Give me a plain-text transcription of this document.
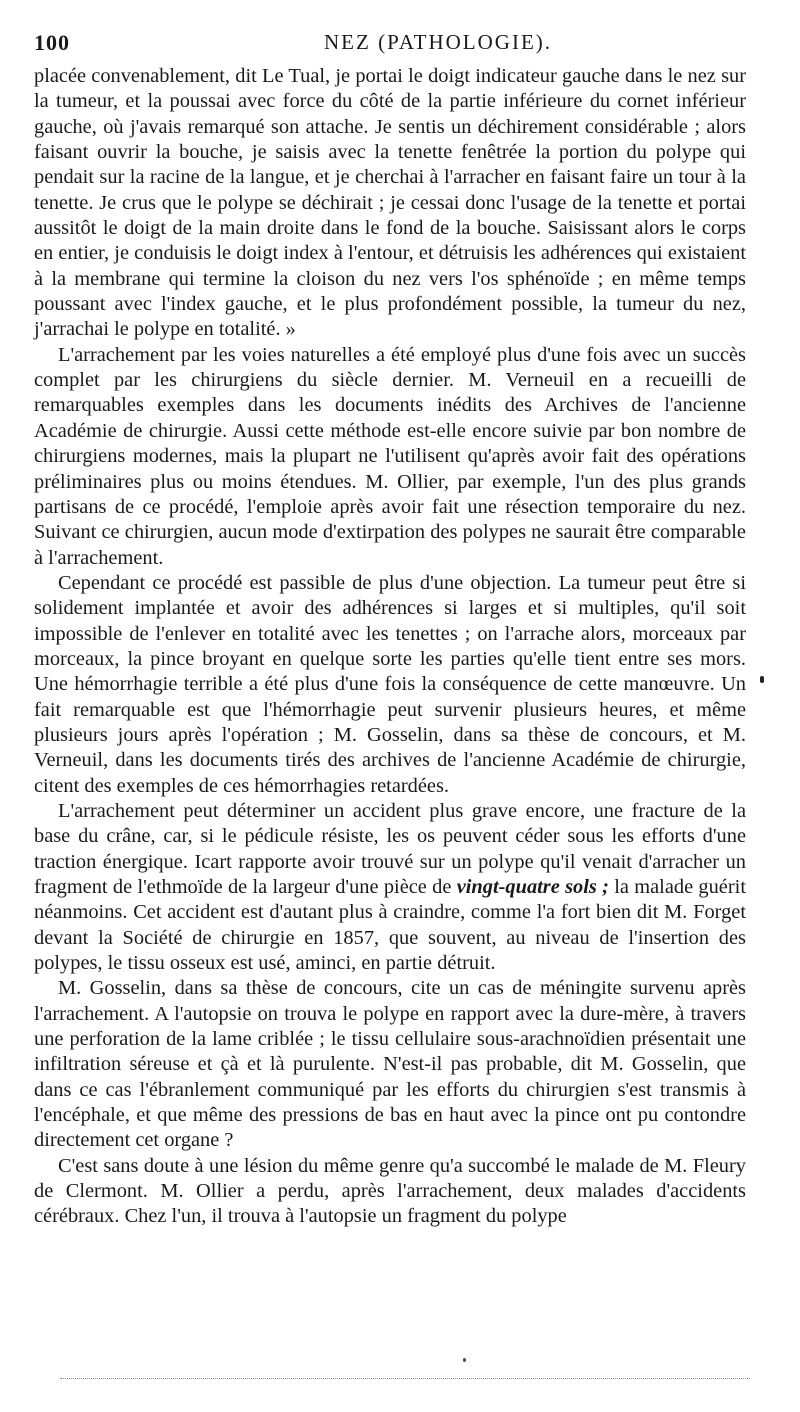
100	NEZ (PATHOLOGIE).

placée convenablement, dit Le Tual, je portai le doigt indicateur gauche dans le nez sur la tumeur, et la poussai avec force du côté de la partie inférieure du cornet inférieur gauche, où j'avais remarqué son attache. Je sentis un déchirement considérable ; alors faisant ouvrir la bouche, je saisis avec la tenette fenêtrée la portion du polype qui pendait sur la racine de la langue, et je cherchai à l'arracher en faisant faire un tour à la tenette. Je crus que le polype se déchirait ; je cessai donc l'usage de la tenette et portai aussitôt le doigt de la main droite dans le fond de la bouche. Saisissant alors le corps en entier, je conduisis le doigt index à l'entour, et détruisis les adhérences qui existaient à la membrane qui termine la cloison du nez vers l'os sphénoïde ; en même temps poussant avec l'index gauche, et le plus profondément possible, la tumeur du nez, j'arrachai le polype en totalité. »

L'arrachement par les voies naturelles a été employé plus d'une fois avec un succès complet par les chirurgiens du siècle dernier. M. Verneuil en a recueilli de remarquables exemples dans les documents inédits des Archives de l'ancienne Académie de chirurgie. Aussi cette méthode est-elle encore suivie par bon nombre de chirurgiens modernes, mais la plupart ne l'utilisent qu'après avoir fait des opérations préliminaires plus ou moins étendues. M. Ollier, par exemple, l'un des plus grands partisans de ce procédé, l'emploie après avoir fait une résection temporaire du nez. Suivant ce chirurgien, aucun mode d'extirpation des polypes ne saurait être comparable à l'arrachement.

Cependant ce procédé est passible de plus d'une objection. La tumeur peut être si solidement implantée et avoir des adhérences si larges et si multiples, qu'il soit impossible de l'enlever en totalité avec les tenettes ; on l'arrache alors, morceaux par morceaux, la pince broyant en quelque sorte les parties qu'elle tient entre ses mors. Une hémorrhagie terrible a été plus d'une fois la conséquence de cette manœuvre. Un fait remarquable est que l'hémorrhagie peut survenir plusieurs heures, et même plusieurs jours après l'opération ; M. Gosselin, dans sa thèse de concours, et M. Verneuil, dans les documents tirés des archives de l'ancienne Académie de chirurgie, citent des exemples de ces hémorrhagies retardées.

L'arrachement peut déterminer un accident plus grave encore, une fracture de la base du crâne, car, si le pédicule résiste, les os peuvent céder sous les efforts d'une traction énergique. Icart rapporte avoir trouvé sur un polype qu'il venait d'arracher un fragment de l'ethmoïde de la largeur d'une pièce de vingt-quatre sols ; la malade guérit néanmoins. Cet accident est d'autant plus à craindre, comme l'a fort bien dit M. Forget devant la Société de chirurgie en 1857, que souvent, au niveau de l'insertion des polypes, le tissu osseux est usé, aminci, en partie détruit.

M. Gosselin, dans sa thèse de concours, cite un cas de méningite survenu après l'arrachement. A l'autopsie on trouva le polype en rapport avec la dure-mère, à travers une perforation de la lame criblée ; le tissu cellulaire sous-arachnoïdien présentait une infiltration séreuse et çà et là purulente. N'est-il pas probable, dit M. Gosselin, que dans ce cas l'ébranlement communiqué par les efforts du chirurgien s'est transmis à l'encéphale, et que même des pressions de bas en haut avec la pince ont pu contondre directement cet organe ?

C'est sans doute à une lésion du même genre qu'a succombé le malade de M. Fleury de Clermont. M. Ollier a perdu, après l'arrachement, deux malades d'accidents cérébraux. Chez l'un, il trouva à l'autopsie un fragment du polype
